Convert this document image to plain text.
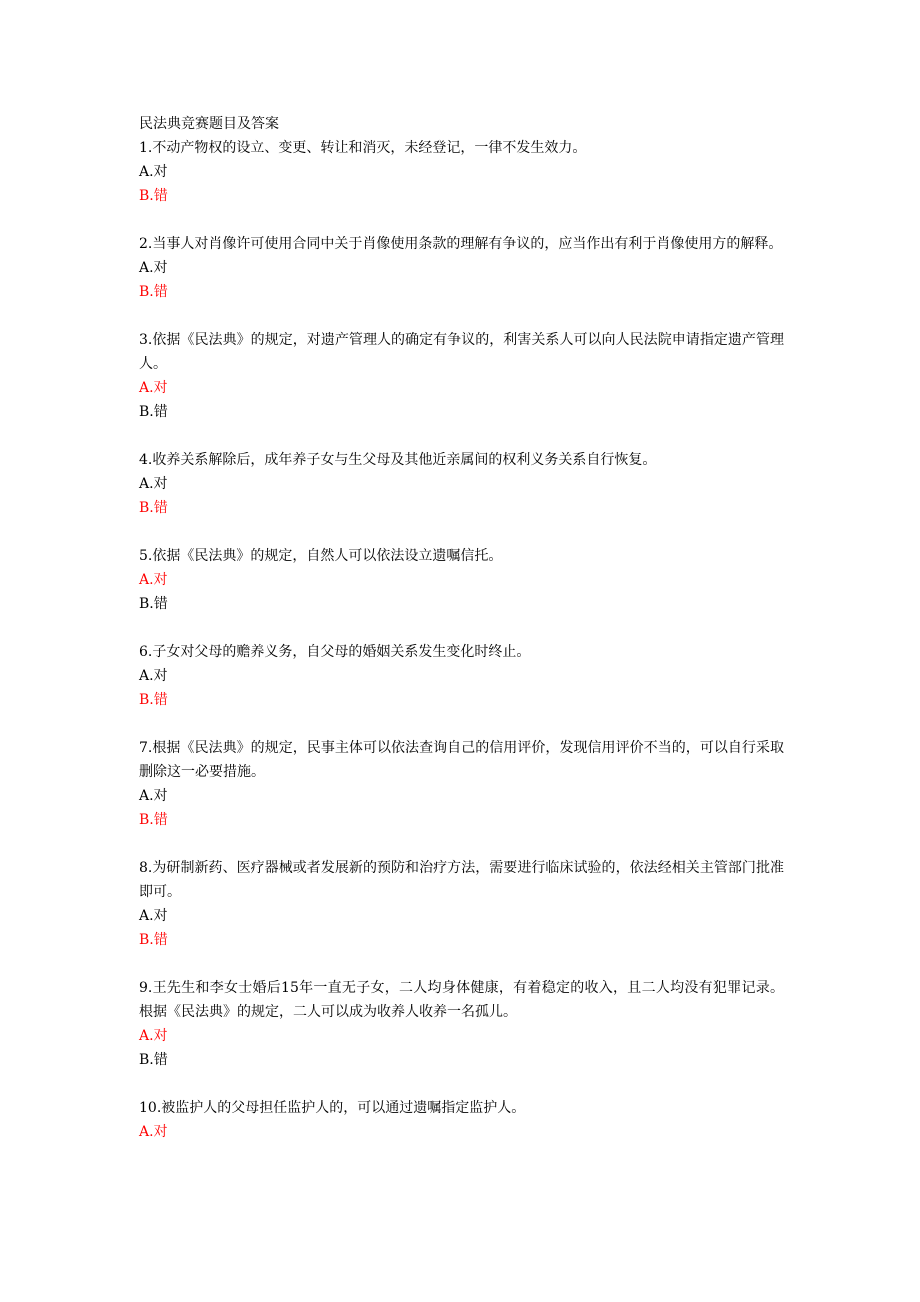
民法典竞赛题目及答案
1.不动产物权的设立、变更、转让和消灭，未经登记，一律不发生效力。
A.对
B.错
2.当事人对肖像许可使用合同中关于肖像使用条款的理解有争议的，应当作出有利于肖像使用方的解释。
A.对
B.错
3.依据《民法典》的规定，对遗产管理人的确定有争议的，利害关系人可以向人民法院申请指定遗产管理人。
A.对
B.错
4.收养关系解除后，成年养子女与生父母及其他近亲属间的权利义务关系自行恢复。
A.对
B.错
5.依据《民法典》的规定，自然人可以依法设立遗嘱信托。
A.对
B.错
6.子女对父母的赡养义务，自父母的婚姻关系发生变化时终止。
A.对
B.错
7.根据《民法典》的规定，民事主体可以依法查询自己的信用评价，发现信用评价不当的，可以自行采取删除这一必要措施。
A.对
B.错
8.为研制新药、医疗器械或者发展新的预防和治疗方法，需要进行临床试验的，依法经相关主管部门批准即可。
A.对
B.错
9.王先生和李女士婚后15年一直无子女，二人均身体健康，有着稳定的收入，且二人均没有犯罪记录。根据《民法典》的规定，二人可以成为收养人收养一名孤儿。
A.对
B.错
10.被监护人的父母担任监护人的，可以通过遗嘱指定监护人。
A.对
